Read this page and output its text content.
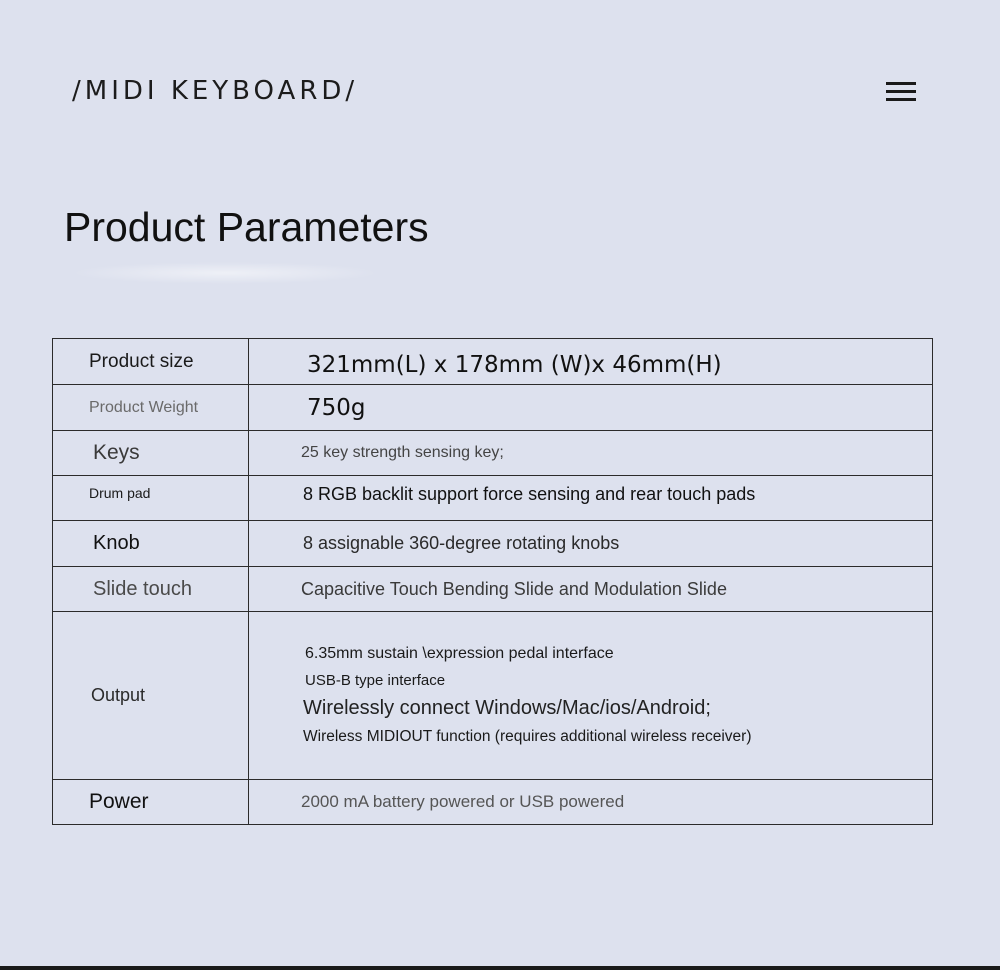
/MIDI KEYBOARD/
Product Parameters
Product size	321mm(L) x 178mm (W)x 46mm(H)
Product Weight	750g
Keys	25 key strength sensing key;
Drum pad	8 RGB backlit support force sensing and rear touch pads
Knob	8 assignable 360-degree rotating knobs
Slide touch	Capacitive Touch Bending Slide and Modulation Slide
Output	6.35mm sustain \expression pedal interface
USB-B type interface
Wirelessly connect Windows/Mac/ios/Android;
Wireless MIDIOUT function (requires additional wireless receiver)

Power	2000 mA battery powered or USB powered
